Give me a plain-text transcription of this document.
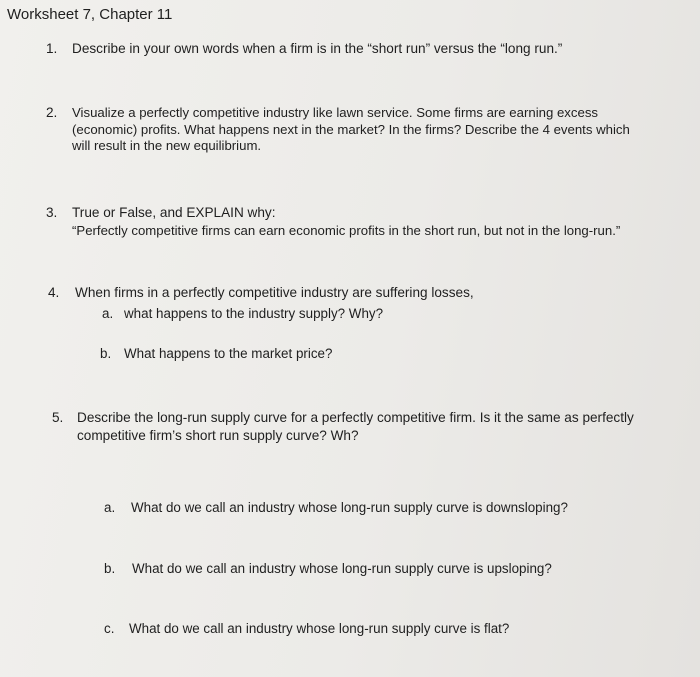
Worksheet 7, Chapter 11
1. Describe in your own words when a firm is in the “short run” versus the “long run.”
2. Visualize a perfectly competitive industry like lawn service. Some firms are earning excess
(economic) profits. What happens next in the market? In the firms? Describe the 4 events which
will result in the new equilibrium.
3. True or False, and EXPLAIN why:
“Perfectly competitive firms can earn economic profits in the short run, but not in the long-run.”
4. When firms in a perfectly competitive industry are suffering losses,
a. what happens to the industry supply? Why?
b. What happens to the market price?
5. Describe the long-run supply curve for a perfectly competitive firm. Is it the same as perfectly
competitive firm’s short run supply curve? Wh?
a. What do we call an industry whose long-run supply curve is downsloping?
b. What do we call an industry whose long-run supply curve is upsloping?
c. What do we call an industry whose long-run supply curve is flat?
